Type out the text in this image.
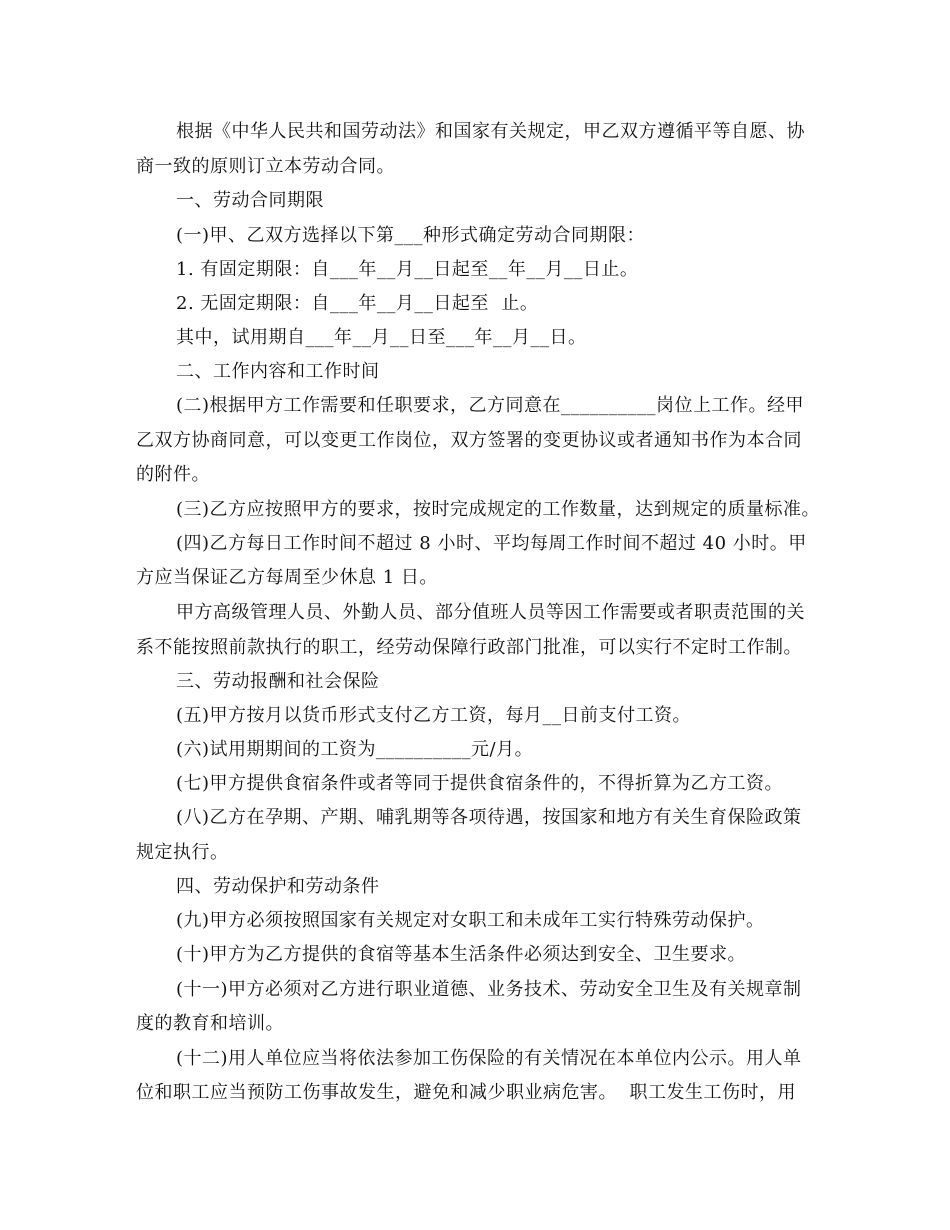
根据《中华人民共和国劳动法》和国家有关规定，甲乙双方遵循平等自愿、协
商一致的原则订立本劳动合同。
一、劳动合同期限
(一)甲、乙双方选择以下第___种形式确定劳动合同期限：
1. 有固定期限：自___年__月__日起至__年__月__日止。
2. 无固定期限：自___年__月__日起至  止。
其中，试用期自___年__月__日至___年__月__日。
二、工作内容和工作时间
(二)根据甲方工作需要和任职要求，乙方同意在__________岗位上工作。经甲
乙双方协商同意，可以变更工作岗位，双方签署的变更协议或者通知书作为本合同
的附件。
(三)乙方应按照甲方的要求，按时完成规定的工作数量，达到规定的质量标准。
(四)乙方每日工作时间不超过 8 小时、平均每周工作时间不超过 40 小时。甲
方应当保证乙方每周至少休息 1 日。
甲方高级管理人员、外勤人员、部分值班人员等因工作需要或者职责范围的关
系不能按照前款执行的职工，经劳动保障行政部门批准，可以实行不定时工作制。
三、劳动报酬和社会保险
(五)甲方按月以货币形式支付乙方工资，每月__日前支付工资。
(六)试用期期间的工资为__________元/月。
(七)甲方提供食宿条件或者等同于提供食宿条件的，不得折算为乙方工资。
(八)乙方在孕期、产期、哺乳期等各项待遇，按国家和地方有关生育保险政策
规定执行。
四、劳动保护和劳动条件
(九)甲方必须按照国家有关规定对女职工和未成年工实行特殊劳动保护。
(十)甲方为乙方提供的食宿等基本生活条件必须达到安全、卫生要求。
(十一)甲方必须对乙方进行职业道德、业务技术、劳动安全卫生及有关规章制
度的教育和培训。
(十二)用人单位应当将依法参加工伤保险的有关情况在本单位内公示。用人单
位和职工应当预防工伤事故发生，避免和减少职业病危害。  职工发生工伤时，用
